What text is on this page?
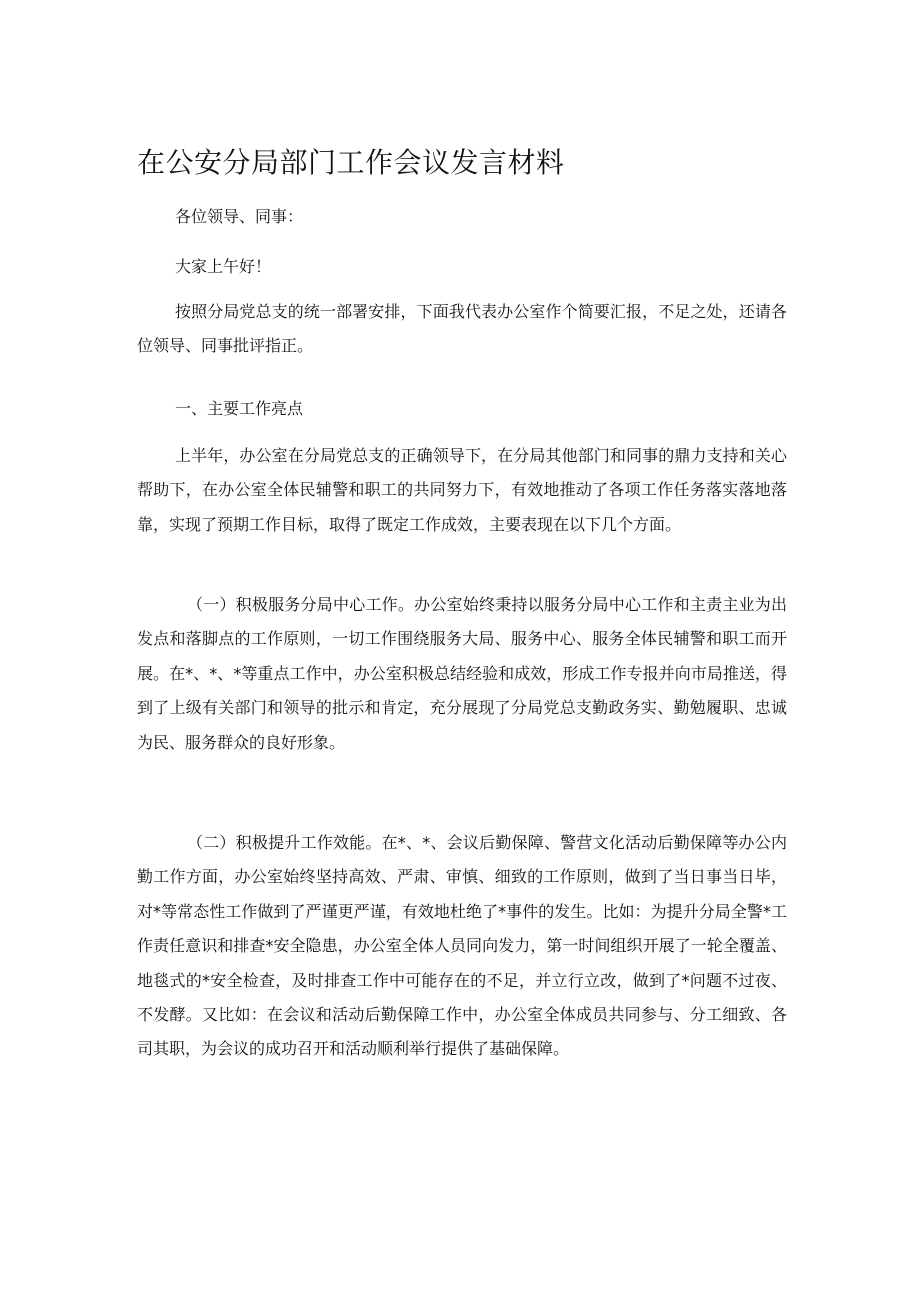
在公安分局部门工作会议发言材料

各位领导、同事：

大家上午好！

按照分局党总支的统一部署安排，下面我代表办公室作个简要汇报，不足之处，还请各位领导、同事批评指正。

一、主要工作亮点

上半年，办公室在分局党总支的正确领导下，在分局其他部门和同事的鼎力支持和关心帮助下，在办公室全体民辅警和职工的共同努力下，有效地推动了各项工作任务落实落地落靠，实现了预期工作目标，取得了既定工作成效，主要表现在以下几个方面。

（一）积极服务分局中心工作。办公室始终秉持以服务分局中心工作和主责主业为出发点和落脚点的工作原则，一切工作围绕服务大局、服务中心、服务全体民辅警和职工而开展。在*、*、*等重点工作中，办公室积极总结经验和成效，形成工作专报并向市局推送，得到了上级有关部门和领导的批示和肯定，充分展现了分局党总支勤政务实、勤勉履职、忠诚为民、服务群众的良好形象。

（二）积极提升工作效能。在*、*、会议后勤保障、警营文化活动后勤保障等办公内勤工作方面，办公室始终坚持高效、严肃、审慎、细致的工作原则，做到了当日事当日毕，对*等常态性工作做到了严谨更严谨，有效地杜绝了*事件的发生。比如：为提升分局全警*工作责任意识和排查*安全隐患，办公室全体人员同向发力，第一时间组织开展了一轮全覆盖、地毯式的*安全检查，及时排查工作中可能存在的不足，并立行立改，做到了*问题不过夜、不发酵。又比如：在会议和活动后勤保障工作中，办公室全体成员共同参与、分工细致、各司其职，为会议的成功召开和活动顺利举行提供了基础保障。
